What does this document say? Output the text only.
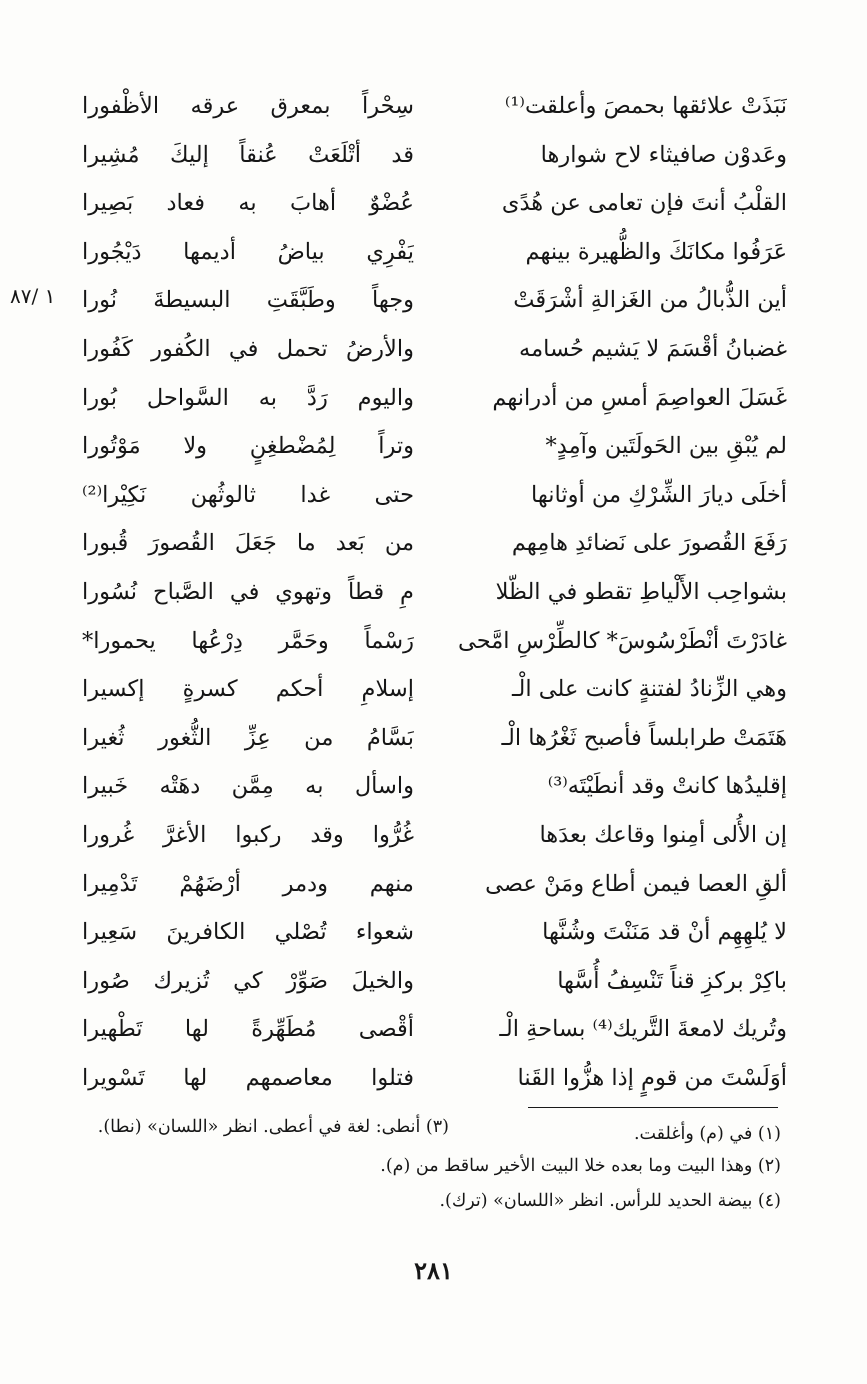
نَبَذَتْ علائقها بحمصَ وأعلقت⁽¹⁾
وعَدوْن صافيثاء لاح شوارها
القلْبُ أنتَ فإن تعامى عن هُدًى
عَرَفُوا مكانَكَ والظُّهيرة بينهم
أين الذُّبالُ من الغَزالةِ أشْرَقَتْ
غضبانُ أقْسَمَ لا يَشيم حُسامه
غَسَلَ العواصِمَ أمسِ من أدرانهم
لم يُبْقِ بين الحَولَتَين وآمِدٍ*
أخلَى ديارَ الشِّرْكِ من أوثانها
رَفَعَ القُصورَ على نَضائدِ هامِهم
بشواحِب الأَلْياطِ تقطو في الظّلا
غادَرْتَ أنْطَرْسُوسَ* كالطِّرْسِ امَّحى
وهي الزِّنادُ لفتنةٍ كانت على الْـ
هَتَمَتْ طرابلساً فأصبح ثَغْرُها الْـ
إقليدُها كانتْ وقد أنطَيْتَه⁽³⁾
إن الأُلى أمِنوا وقاعك بعدَها
ألقِ العصا فيمن أطاع ومَنْ عصى
لا يُلهِهِم أنْ قد مَنَنْتَ وشُنَّها
باكِرْ بركزِ قناً تَنْسِفُ أُسَّها
وتُريك لامعةَ التَّريك⁽⁴⁾ بساحةِ الْـ
أوَلَسْتَ من قومٍ إذا هزُّوا القَنا
سِحْراً بمعرق عرقه الأظْفورا
قد أتْلَعَتْ عُنقاً إليكَ مُشِيرا
عُضْوٌ أهابَ به فعاد بَصِيرا
يَفْرِي بياضُ أديمها دَيْجُورا
وجهاً وطَبَّقَتِ البسيطةَ نُورا
والأرضُ تحمل في الكُفور كَفُورا
واليوم رَدَّ به السَّواحل بُورا
وتراً لِمُضْطغِنٍ ولا مَوْتُورا
حتى غدا ثالوثُهن نَكِيْرا⁽²⁾
من بَعد ما جَعَلَ القُصورَ قُبورا
مِ قطاً وتهوي في الصَّباح نُسُورا
رَسْماً وحَمَّر دِرْعُها يحمورا*
إسلامِ أحكم كسرةٍ إكسيرا
بَسَّامُ من عِزِّ الثُّغور ثُغيرا
واسأل به مِمَّن دهَتْه خَبيرا
غُرُّوا وقد ركبوا الأغرَّ غُرورا
منهم ودمر أرْضَهُمْ تَدْمِيرا
شعواء تُصْلي الكافرينَ سَعِيرا
والخيلَ صَوِّرْ كي تُزيرك صُورا
أقْصى مُطَهِّرةً لها تَطْهيرا
فتلوا معاصمهم لها تَسْويرا
١ /٨٧
(١) في (م) وأغلقت.
(٣) أنطى: لغة في أعطى. انظر «اللسان» (نطا).
(٢) وهذا البيت وما بعده خلا البيت الأخير ساقط من (م).
(٤) بيضة الحديد للرأس. انظر «اللسان» (ترك).
٢٨١
